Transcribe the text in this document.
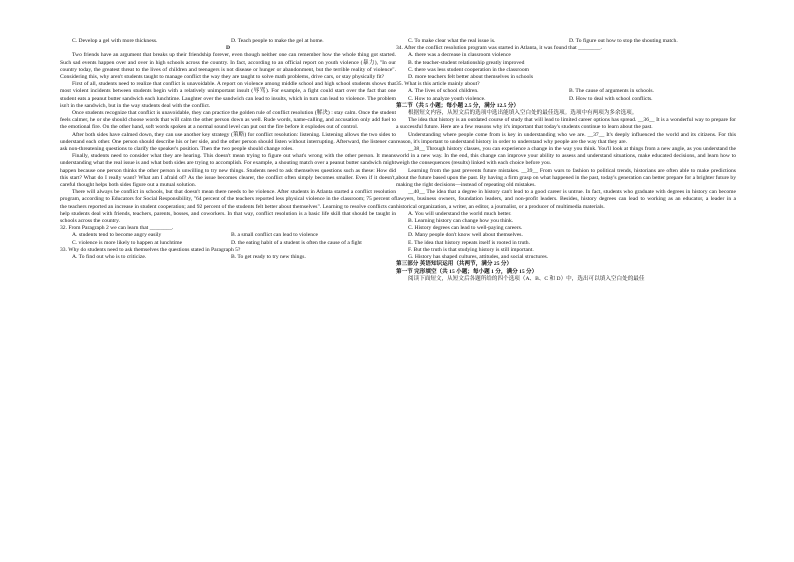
C. Develop a gel with more thickness.	D. Teach people to make the gel at home.

D

Two friends have an argument that breaks up their friendship forever, even though neither one can remember how the whole thing got started. Such sad events happen over and over in high schools across the country. In fact, according to an official report on youth violence (暴力), "In our country today, the greatest threat to the lives of children and teenagers is not disease or hunger or abandonment, but the terrible reality of violence". Considering this, why aren't students taught to manage conflict the way they are taught to solve math problems, drive cars, or stay physically fit?

First of all, students need to realize that conflict is unavoidable. A report on violence among middle school and high school students shows that most violent incidents between students begin with a relatively unimportant insult (辱骂). For example, a fight could start over the fact that one student eats a peanut butter sandwich each lunchtime. Laughter over the sandwich can lead to insults, which in turn can lead to violence. The problem isn't in the sandwich, but in the way students deal with the conflict.

Once students recognize that conflict is unavoidable, they can practice the golden rule of conflict resolution (解决) : stay calm. Once the student feels calmer, he or she should choose words that will calm the other person down as well. Rude words, name-calling, and accusation only add fuel to the emotional fire. On the other hand, soft words spoken at a normal sound level can put out the fire before it explodes out of control.

After both sides have calmed down, they can use another key strategy (策略) for conflict resolution: listening. Listening allows the two sides to understand each other. One person should describe his or her side, and the other person should listen without interrupting. Afterward, the listener can ask non-threatening questions to clarify the speaker's position. Then the two people should change roles.

Finally, students need to consider what they are hearing. This doesn't mean trying to figure out what's wrong with the other person. It means understanding what the real issue is and what both sides are trying to accomplish. For example, a shouting match over a peanut butter sandwich might happen because one person thinks the other person is unwilling to try new things. Students need to ask themselves questions such as these: How did this start? What do I really want? What am I afraid of? As the issue becomes clearer, the conflict often simply becomes smaller. Even if it doesn't, careful thought helps both sides figure out a mutual solution.

There will always be conflict in schools, but that doesn't mean there needs to be violence. After students in Atlanta started a conflict resolution program, according to Educators for Social Responsibility, "64 percent of the teachers reported less physical violence in the classroom; 75 percent of the teachers reported an increase in student cooperation; and 92 percent of the students felt better about themselves". Learning to resolve conflicts can help students deal with friends, teachers, parents, bosses, and coworkers. In that way, conflict resolution is a basic life skill that should be taught in schools across the country.

32. From Paragraph 2 we can learn that ________.

A. students tend to become angry easily	B. a small conflict can lead to violence
C. violence is more likely to happen at lunchtime	D. the eating habit of a student is often the cause of a fight

33. Why do students need to ask themselves the questions stated in Paragraph 5?

A. To find out who is to criticize.	B. To get ready to try new things.
C. To make clear what the real issue is.	D. To figure out how to stop the shouting match.

34. After the conflict resolution program was started in Atlanta, it was found that ________.

A. there was a decrease in classroom violence
B. the teacher-student relationship greatly improved
C. there was less student cooperation in the classroom
D. more teachers felt better about themselves in schools

35. What is this article mainly about?

A. The lives of school children.	B. The cause of arguments in schools.
C. How to analyze youth violence.	D. How to deal with school conflicts.

第二节（共 5 小题；每小题 2.5 分，满分 12.5 分）

根据短文内容，从短文后的选项中选出能填入空白处的最佳选项。选项中有两项为多余选项。

The idea that history is an outdated course of study that will lead to limited career options has spread. __36__ It is a wonderful way to prepare for a successful future. Here are a few reasons why it's important that today's students continue to learn about the past.

Understanding where people come from is key in understanding who we are. __37__ It's deeply influenced the world and its citizens. For this reason, it's important to understand history in order to understand why people are the way that they are.

__38__ Through history classes, you can experience a change in the way you think. You'll look at things from a new angle, as you understand the world in a new way. In the end, this change can improve your ability to assess and understand situations, make educated decisions, and learn how to weigh the consequences (results) linked with each choice before you.

Learning from the past prevents future mistakes. __39__ From wars to fashion to political trends, historians are often able to make predictions about the future based upon the past. By having a firm grasp on what happened in the past, today's generation can better prepare for a brighter future by making the right decisions—instead of repeating old mistakes.

__40__ The idea that a degree in history can't lead to a good career is untrue. In fact, students who graduate with degrees in history can become lawyers, business owners, foundation leaders, and non-profit leaders. Besides, history degrees can lead to working as an educator, a leader in a historical organization, a writer, an editor, a journalist, or a producer of multimedia materials.

A. You will understand the world much better.
B. Learning history can change how you think.
C. History degrees can lead to well-paying careers.
D. Many people don't know well about themselves.
E. The idea that history repeats itself is rooted in truth.
F. But the truth is that studying history is still important.
G. History has shaped cultures, attitudes, and social structures.

第三部分 英语知识运用（共两节，满分 25 分）

第一节 完形填空（共 15 小题；每小题 1 分，满分 15 分）

阅读下面短文，从短文后各题所给的四个选项（A、B、C 和 D）中，选出可以填入空白处的最佳
